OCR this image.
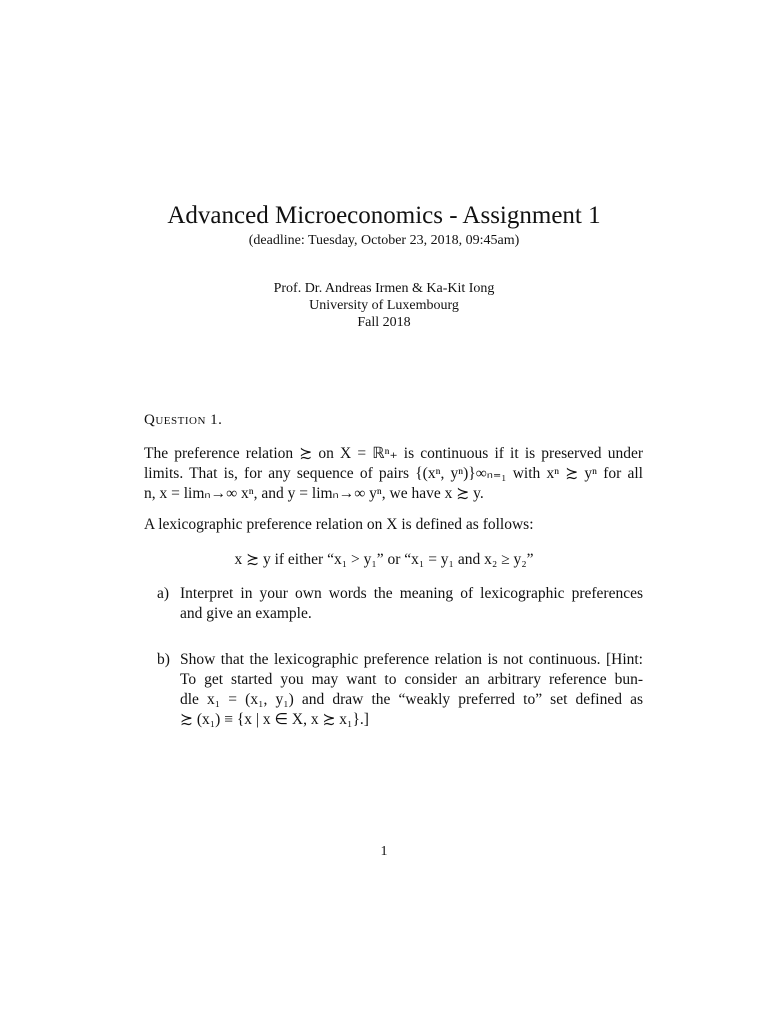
Advanced Microeconomics - Assignment 1
(deadline: Tuesday, October 23, 2018, 09:45am)
Prof. Dr. Andreas Irmen & Ka-Kit Iong
University of Luxembourg
Fall 2018
Question 1.
The preference relation ≿ on X = ℝⁿ₊ is continuous if it is preserved under
limits. That is, for any sequence of pairs {(xⁿ, yⁿ)}∞ₙ₌₁ with xⁿ ≿ yⁿ for all
n, x = limₙ→∞ xⁿ, and y = limₙ→∞ yⁿ, we have x ≿ y.
A lexicographic preference relation on X is defined as follows:
x ≿ y if either “x₁ > y₁” or “x₁ = y₁ and x₂ ≥ y₂”
a) Interpret in your own words the meaning of lexicographic preferences
and give an example.
b) Show that the lexicographic preference relation is not continuous. [Hint:
To get started you may want to consider an arbitrary reference bun-
dle x₁ = (x₁, y₁) and draw the “weakly preferred to” set defined as
≿ (x₁) ≡ {x | x ∈ X, x ≿ x₁}.]
1
